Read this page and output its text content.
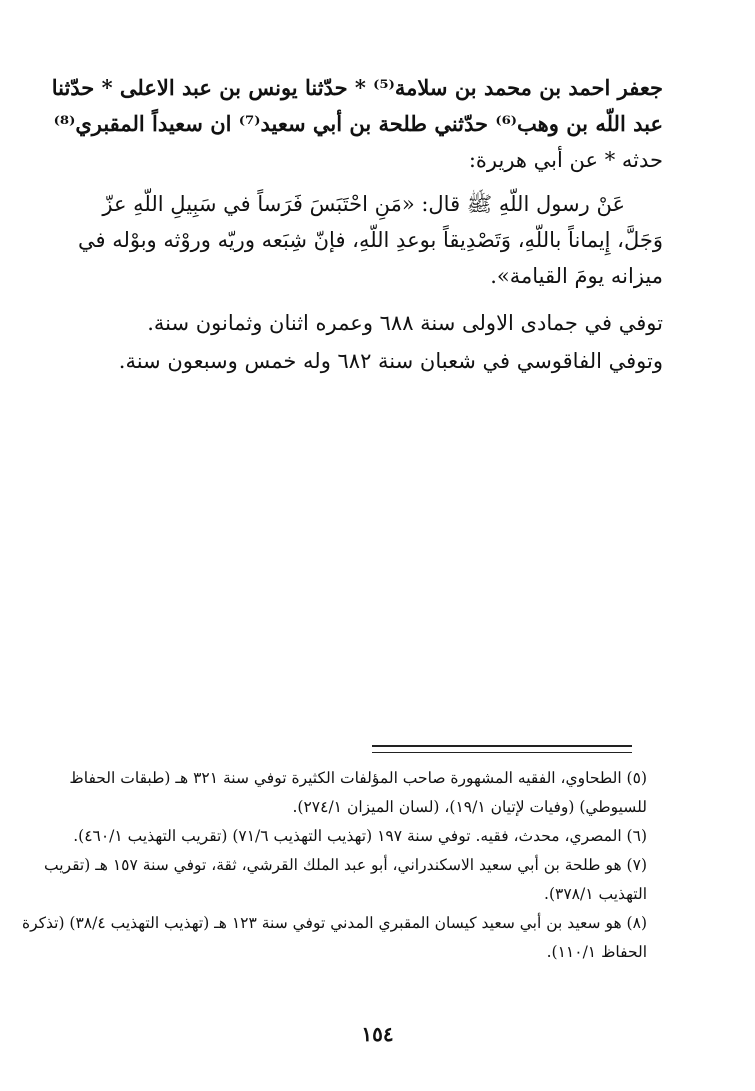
جعفر احمد بن محمد بن سلامة⁽⁵⁾ * حدّثنا يونس بن عبد الاعلى * حدّثنا
عبد اللّه بن وهب⁽⁶⁾ حدّثني طلحة بن أبي سعيد⁽⁷⁾ ان سعيداً المقبري⁽⁸⁾
حدثه * عن أبي هريرة:
عَنْ رسول اللّهِ ﷺ قال: «مَنِ احْتَبَسَ فَرَساً في سَبِيلِ اللّهِ عزّ
وَجَلَّ، إِيماناً باللّهِ، وَتَصْدِيقاً بوعدِ اللّهِ، فإنّ شِبَعه وريّه وروْثه وبوْله في
ميزانه يومَ القيامة».
توفي في جمادى الاولى سنة ٦٨٨ وعمره اثنان وثمانون سنة.
وتوفي الفاقوسي في شعبان سنة ٦٨٢ وله خمس وسبعون سنة.
(٥) الطحاوي، الفقيه المشهورة صاحب المؤلفات الكثيرة توفي سنة ٣٢١ هـ (طبقات الحفاظ
للسيوطي) (وفيات لإتيان ١٩/١)، (لسان الميزان ٢٧٤/١).
(٦) المصري، محدث، فقيه. توفي سنة ١٩٧ (تهذيب التهذيب ٧١/٦) (تقريب التهذيب ٤٦٠/١).
(٧) هو طلحة بن أبي سعيد الاسكندراني، أبو عبد الملك القرشي، ثقة، توفي سنة ١٥٧ هـ (تقريب
التهذيب ٣٧٨/١).
(٨) هو سعيد بن أبي سعيد كيسان المقبري المدني توفي سنة ١٢٣ هـ (تهذيب التهذيب ٣٨/٤) (تذكرة
الحفاظ ١١٠/١).
١٥٤
